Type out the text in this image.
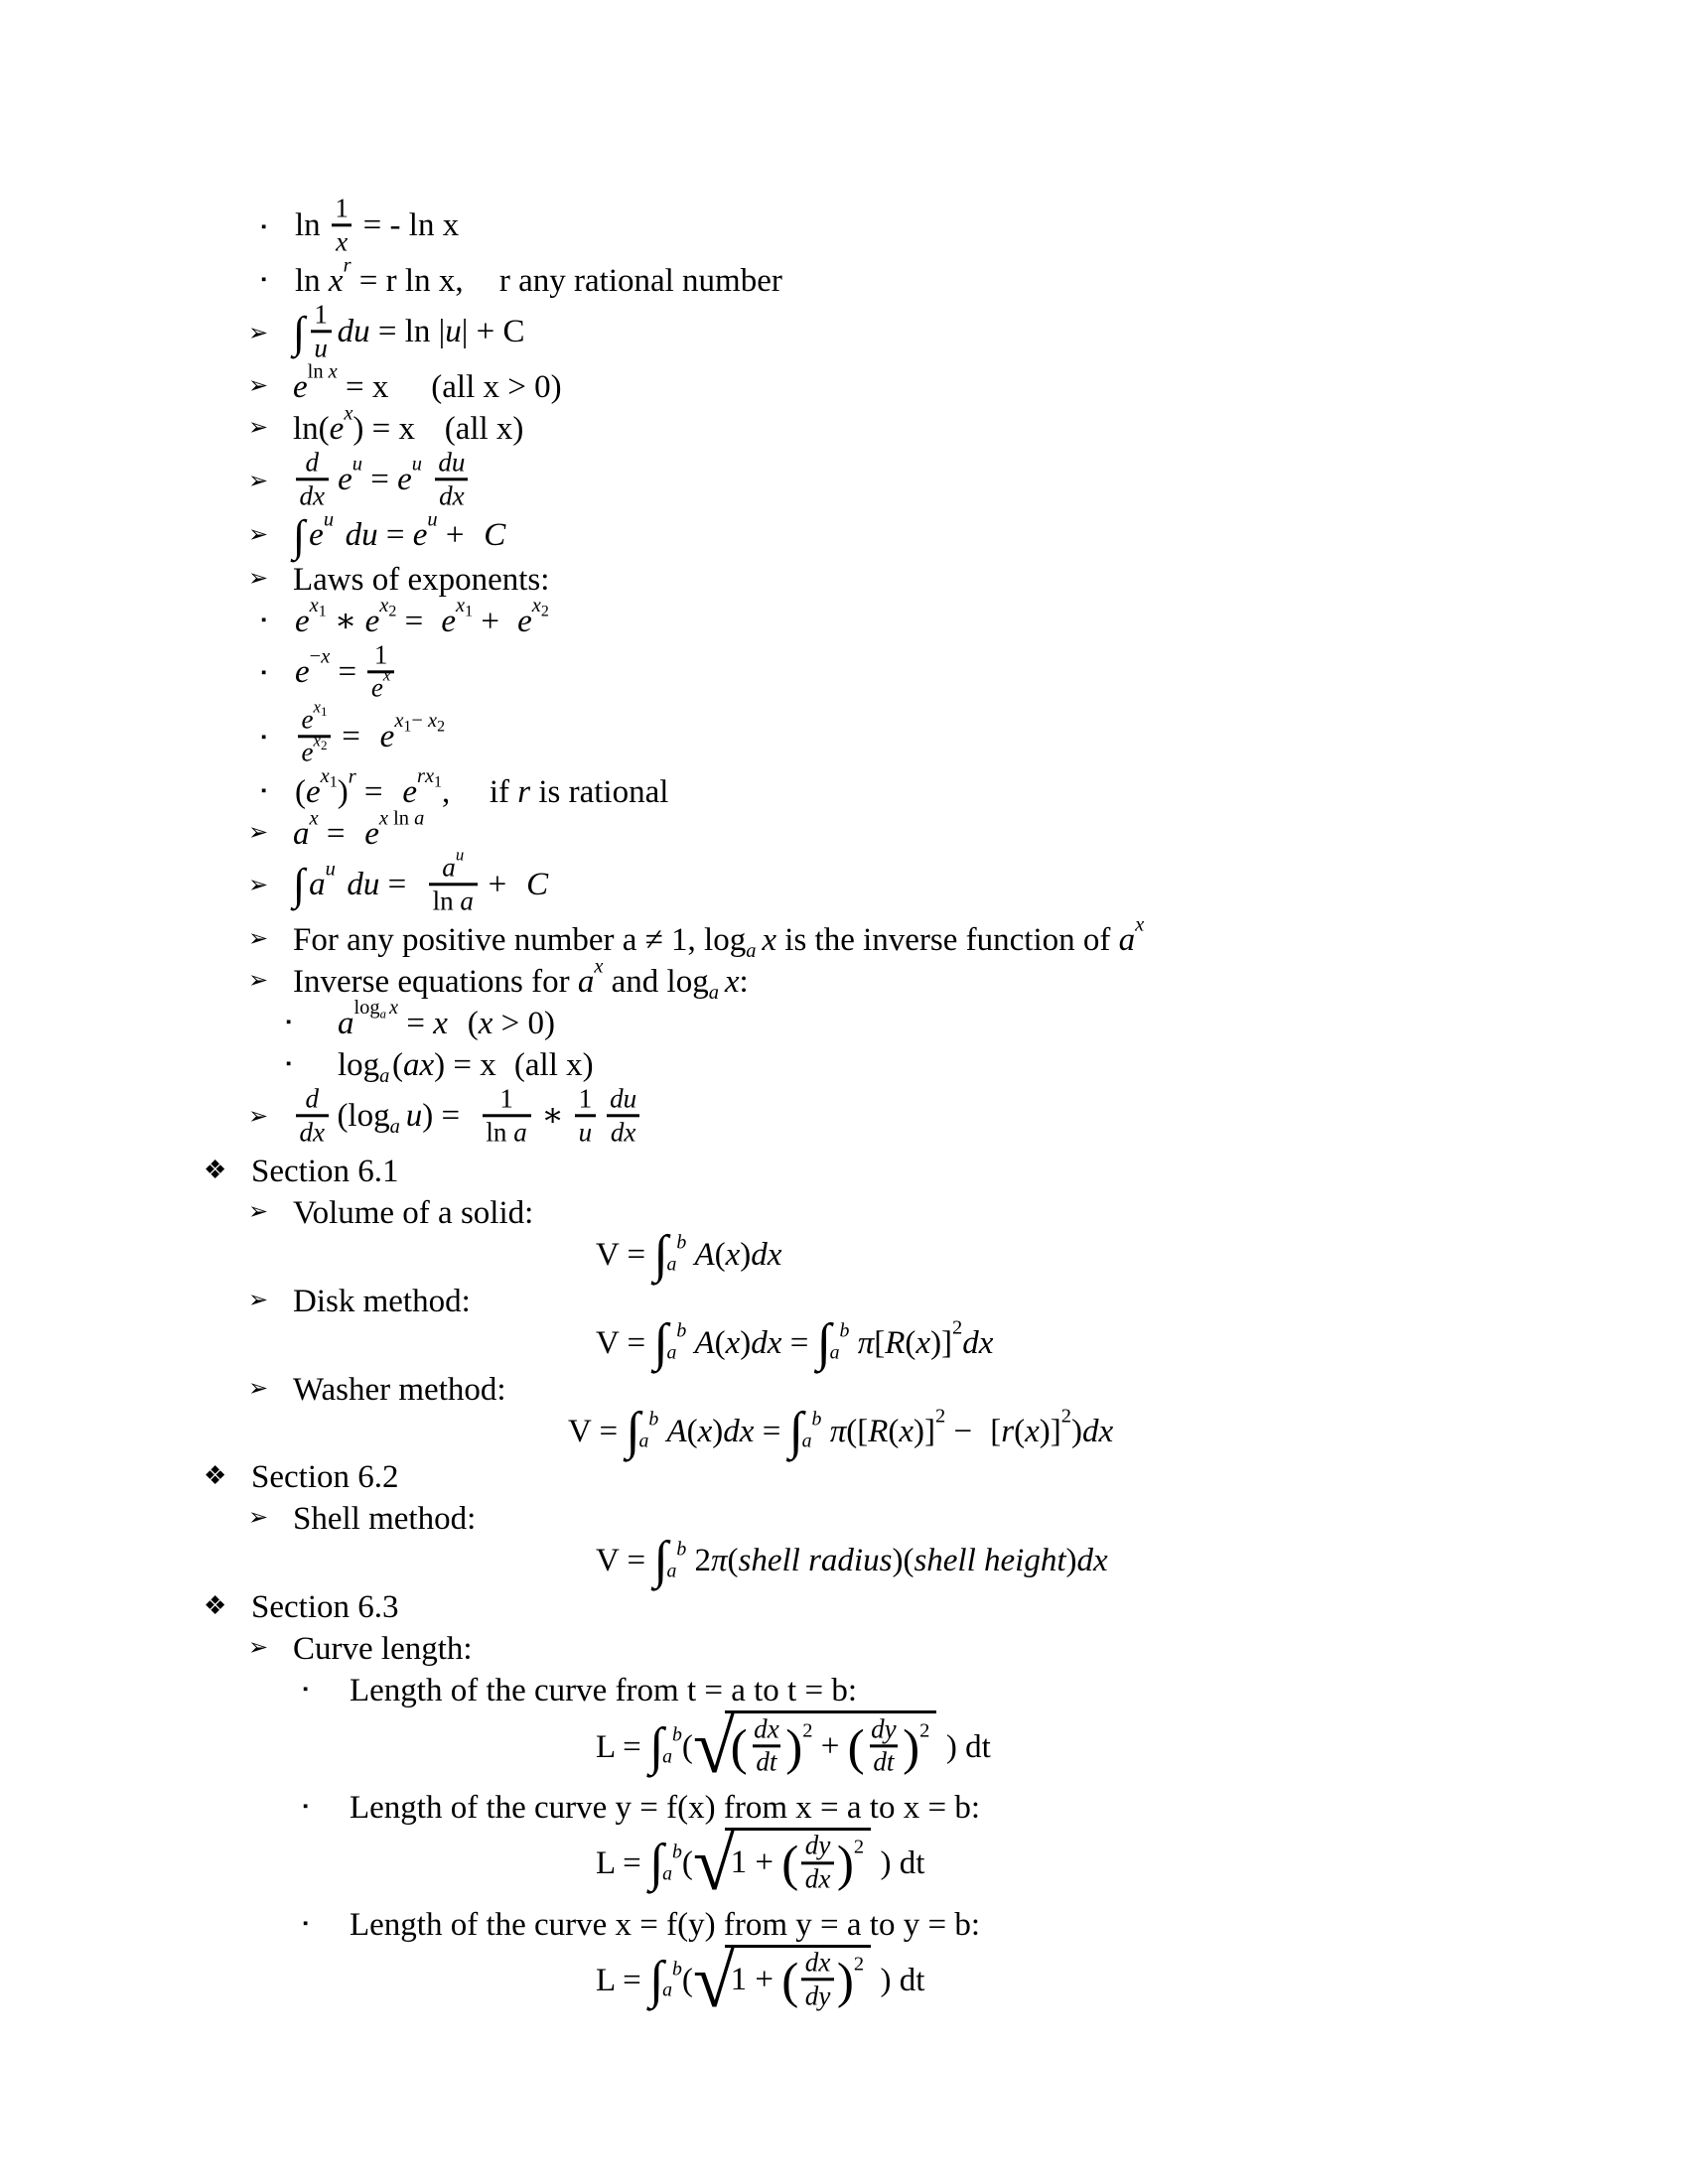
▪ $\ln \frac{1}{x}$ = - ln x
▪ $\ln x^r = r$ ln x, r any rational number
➢ ∫ $\frac{1}{u}$ du = ln |u| + C
➢ $e^{ln x} = x$ (all x > 0)
➢ $\ln(e^x) = x$ (all x)
➢ $\frac{d}{dx} e^u = e^u \frac{du}{dx}$
➢ ∫ $e^u$ du = $e^u + C$
➢ Laws of exponents:
▪ $e^{x_1}$ ∗ $e^{x_2} = e^{x_1} + e^{x_2}$
▪ $e^{-x} = \frac{1}{e^x}$
▪ $\frac{e^{x_1}}{e^{x_2}} = e^{x_1- x_2}$
▪ $(e^{x_1})^r = e^{rx_1}$, if r is rational
➢ $a^x = e^{x ln a}$
➢ ∫ $a^u$ du = $\frac{a^u}{\text{ln a}} + C$
➢ For any positive number a ≠ 1, $\log_a x$ is the inverse function of $a^x$
➢ Inverse equations for $a^x$ and $\log_a x$:
▪ $a^{log_a x} = x$ (x > 0)
▪ $\log_a(ax) = x$ (all x)
➢ $\frac{d}{dx} (\log_a$ $u) = \frac{1}{\text{ln a}}$ ∗ $\frac{1}{u} \frac{du}{dx}$
❖ Section 6.1
➢ Volume of a solid:
V = ∫ b
a A(x)dx
➢ Disk method:
V = ∫ b
a A(x)dx = ∫ b
a $\pi[R(x)]^2dx$
➢ Washer method:
V = ∫ b
a A(x)dx = ∫ b
a $\pi([R(x)]^2 - [r(x)]^2)dx$
❖ Section 6.2
➢ Shell method:
V = ∫ b
a 2π(shell radius)(shell height)dx
❖ Section 6.3
➢ Curve length:
▪ Length of the curve from t = a to t = b:
L = ∫ b
a ( √
( $\frac{dx}{dt} )^2$ + ( $\frac{dy}{dt} )^2$ ) dt
▪ Length of the curve y = f(x) from x = a to x = b:
L = ∫ b
a ( √
1 + ( $\frac{dy}{dx} )^2$ ) dt
▪ Length of the curve x = f(y) from y = a to y = b:
L = ∫ b
a ( √
1 + ( $\frac{dx}{dy} )^2$ ) dt
